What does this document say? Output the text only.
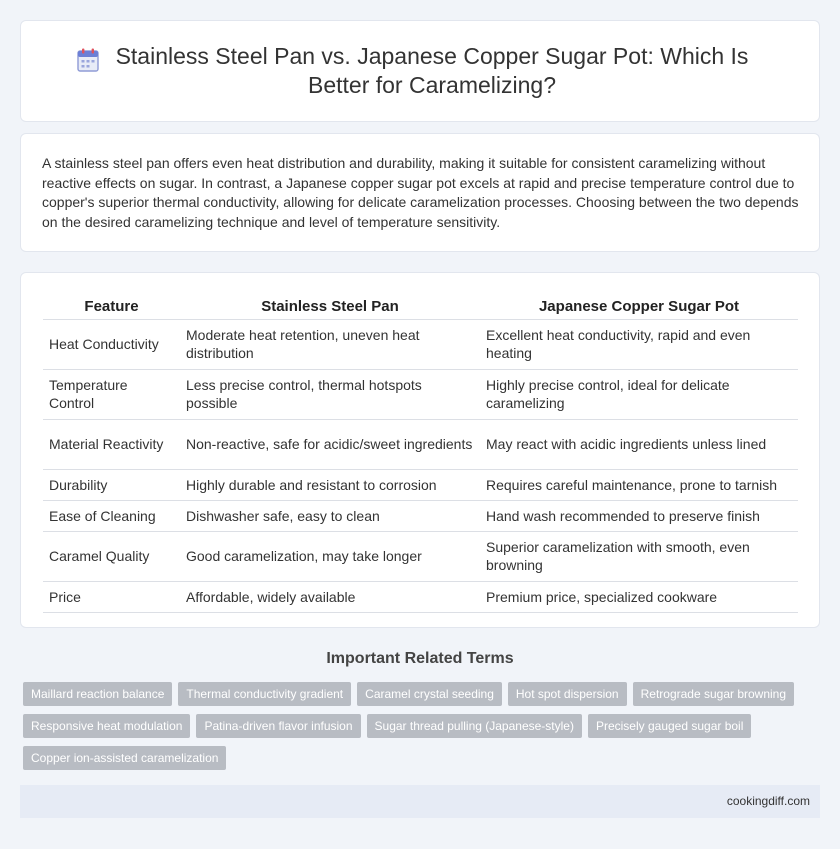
Stainless Steel Pan vs. Japanese Copper Sugar Pot: Which Is Better for Caramelizing?

A stainless steel pan offers even heat distribution and durability, making it suitable for consistent caramelizing without reactive effects on sugar. In contrast, a Japanese copper sugar pot excels at rapid and precise temperature control due to copper's superior thermal conductivity, allowing for delicate caramelization processes. Choosing between the two depends on the desired caramelizing technique and level of temperature sensitivity.

Feature	Stainless Steel Pan	Japanese Copper Sugar Pot
Heat Conductivity	Moderate heat retention, uneven heat distribution	Excellent heat conductivity, rapid and even heating
Temperature Control	Less precise control, thermal hotspots possible	Highly precise control, ideal for delicate caramelizing
Material Reactivity	Non-reactive, safe for acidic/sweet ingredients	May react with acidic ingredients unless lined
Durability	Highly durable and resistant to corrosion	Requires careful maintenance, prone to tarnish
Ease of Cleaning	Dishwasher safe, easy to clean	Hand wash recommended to preserve finish
Caramel Quality	Good caramelization, may take longer	Superior caramelization with smooth, even browning
Price	Affordable, widely available	Premium price, specialized cookware
Important Related Terms
Maillard reaction balance	Thermal conductivity gradient	Caramel crystal seeding	Hot spot dispersion	Retrograde sugar browning
Responsive heat modulation	Patina-driven flavor infusion	Sugar thread pulling (Japanese-style)	Precisely gauged sugar boil
Copper ion-assisted caramelization
cookingdiff.com
